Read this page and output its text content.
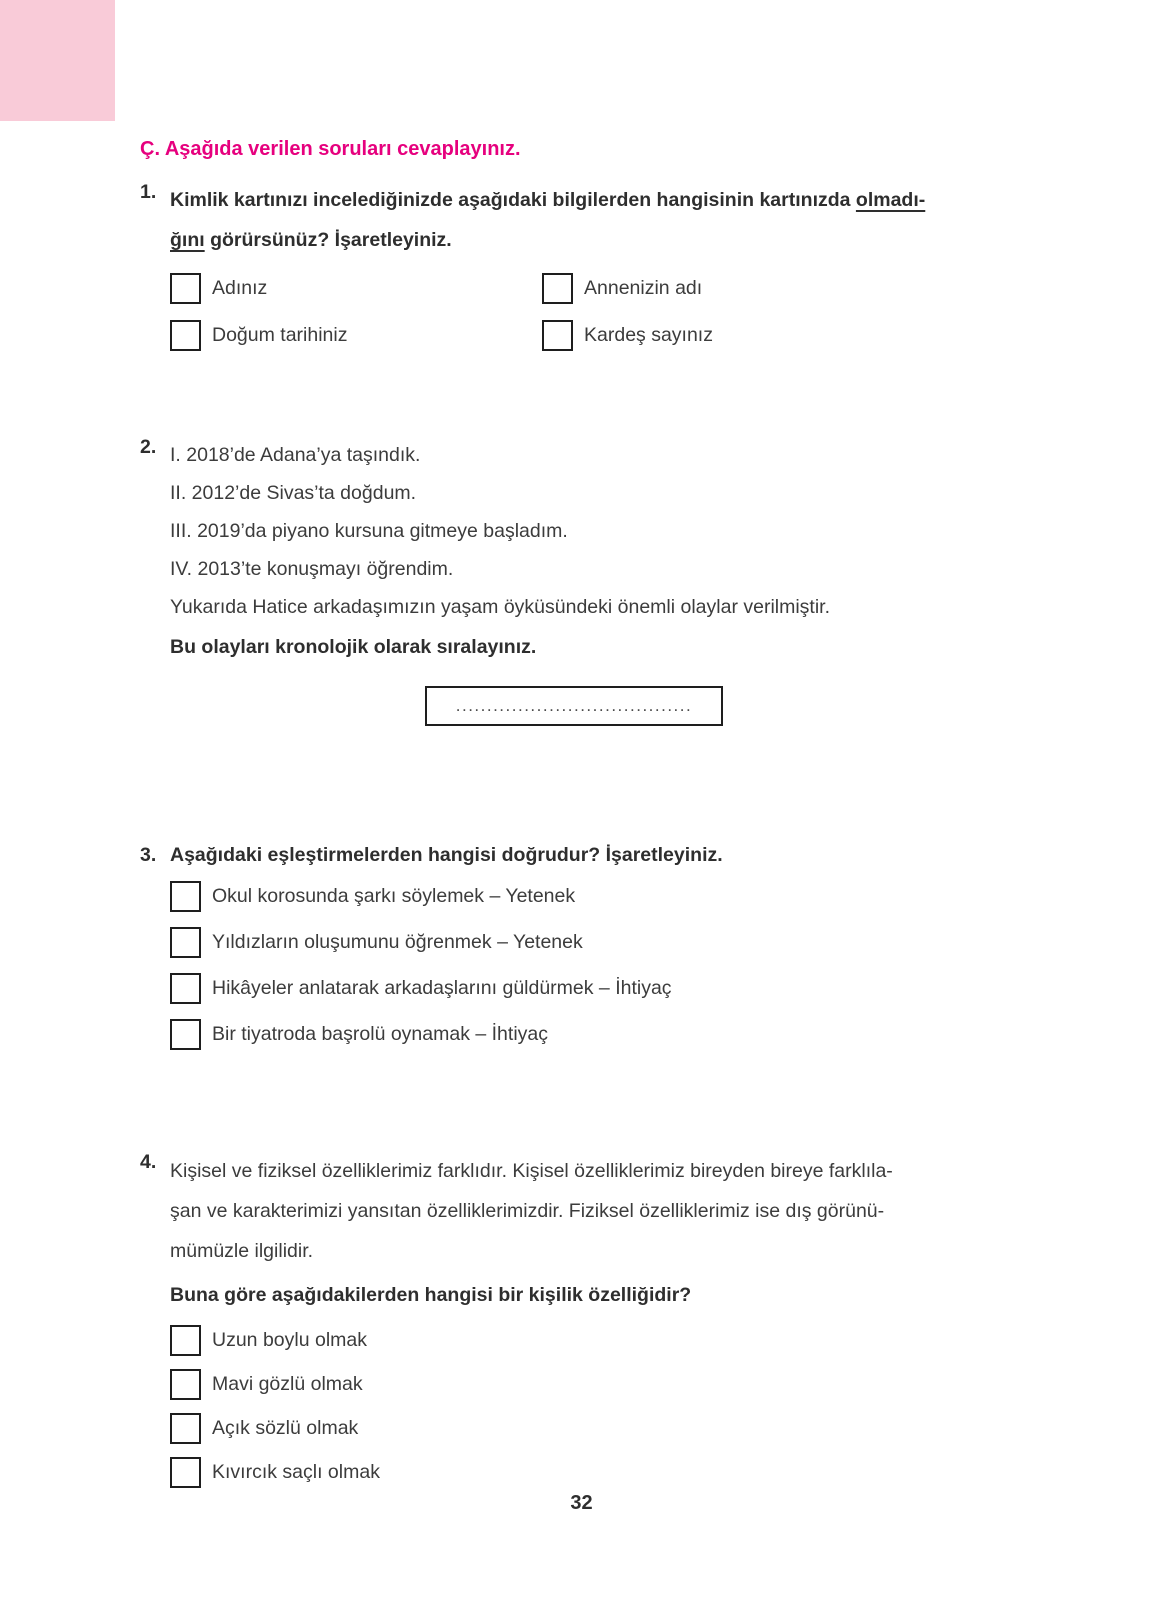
Ç. Aşağıda verilen soruları cevaplayınız.
1. Kimlik kartınızı incelediğinizde aşağıdaki bilgilerden hangisinin kartınızda olmadı-
ğını görürsünüz? İşaretleyiniz.
Adınız	Annenizin adı
Doğum tarihiniz	Kardeş sayınız
2. I. 2018’de Adana’ya taşındık.
II. 2012’de Sivas’ta doğdum.
III. 2019’da piyano kursuna gitmeye başladım.
IV. 2013’te konuşmayı öğrendim.
Yukarıda Hatice arkadaşımızın yaşam öyküsündeki önemli olaylar verilmiştir.
Bu olayları kronolojik olarak sıralayınız.
......................................
3. Aşağıdaki eşleştirmelerden hangisi doğrudur? İşaretleyiniz.
Okul korosunda şarkı söylemek – Yetenek
Yıldızların oluşumunu öğrenmek – Yetenek
Hikâyeler anlatarak arkadaşlarını güldürmek – İhtiyaç
Bir tiyatroda başrolü oynamak – İhtiyaç
4. Kişisel ve fiziksel özelliklerimiz farklıdır. Kişisel özelliklerimiz bireyden bireye farklıla-
şan ve karakterimizi yansıtan özelliklerimizdir. Fiziksel özelliklerimiz ise dış görünü-
mümüzle ilgilidir.
Buna göre aşağıdakilerden hangisi bir kişilik özelliğidir?
Uzun boylu olmak
Mavi gözlü olmak
Açık sözlü olmak
Kıvırcık saçlı olmak
32
